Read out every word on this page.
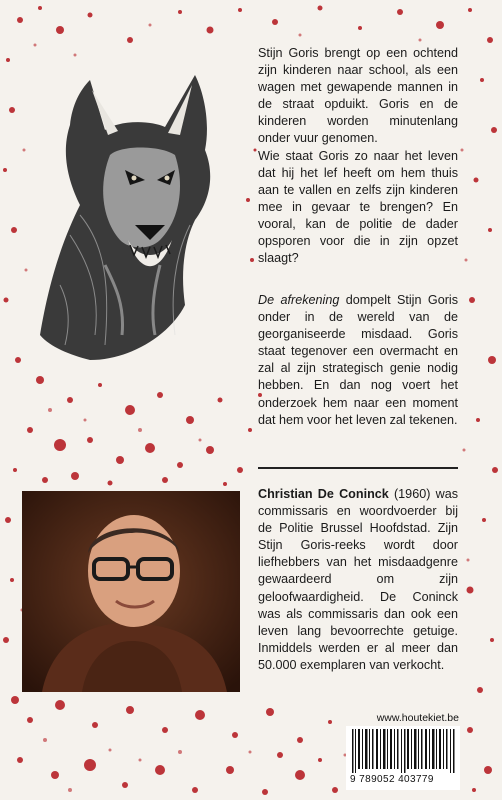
Stijn Goris brengt op een ochtend zijn kinderen naar school, als een wagen met gewapende mannen in de straat opduikt. Goris en de kinderen worden minutenlang onder vuur genomen.

Wie staat Goris zo naar het leven dat hij het lef heeft om hem thuis aan te vallen en zelfs zijn kinderen mee in gevaar te brengen? En vooral, kan de politie de dader opsporen voor die in zijn opzet slaagt?

De afrekening dompelt Stijn Goris onder in de wereld van de georganiseerde misdaad. Goris staat tegenover een overmacht en zal al zijn strategisch genie nodig hebben. En dan nog voert het onderzoek hem naar een moment dat hem voor het leven zal tekenen.

Christian De Coninck (1960) was commissaris en woordvoerder bij de Politie Brussel Hoofdstad. Zijn Stijn Goris-reeks wordt door liefhebbers van het misdaadgenre gewaardeerd om zijn geloofwaardigheid. De Coninck was als commissaris dan ook een leven lang bevoorrechte getuige. Inmiddels werden er al meer dan 50.000 exemplaren van verkocht.

www.houtekiet.be
9 789052 403779
